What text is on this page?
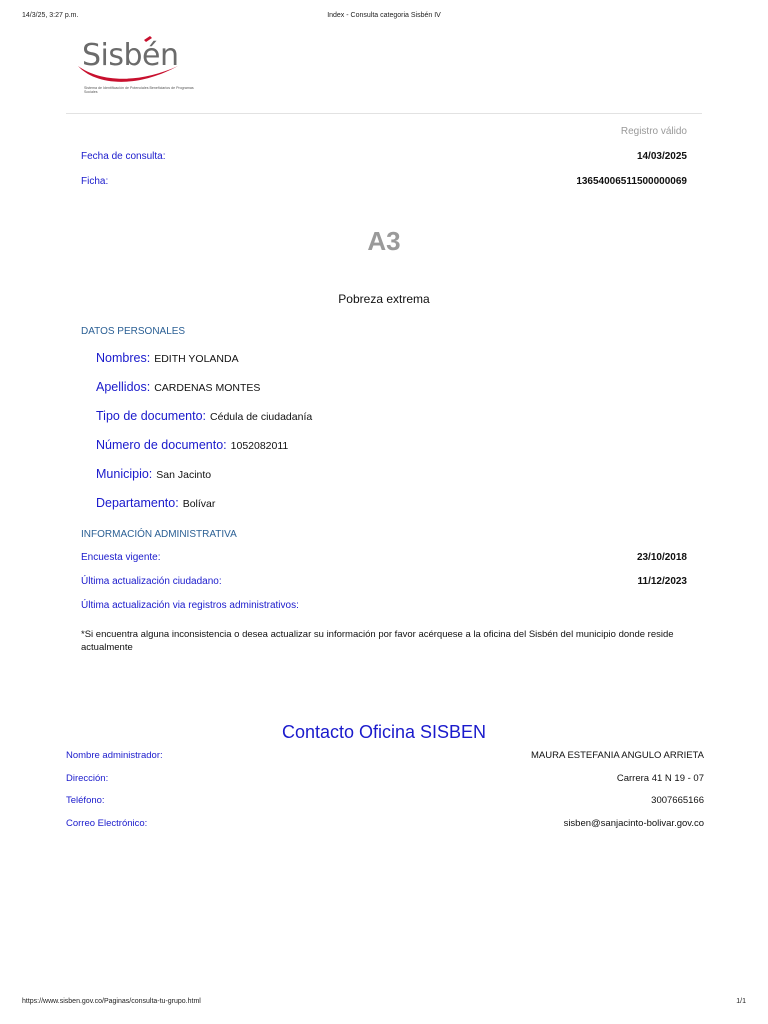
14/3/25, 3:27 p.m.	Index - Consulta categoria Sisbén IV
Sisbén
Sistema de Identificación de Potenciales Beneficiarios de Programas Sociales
Registro válido
Fecha de consulta:	14/03/2025
Ficha:	13654006511500000069
A3
Pobreza extrema
DATOS PERSONALES
Nombres: EDITH YOLANDA
Apellidos: CARDENAS MONTES
Tipo de documento: Cédula de ciudadanía
Número de documento: 1052082011
Municipio: San Jacinto
Departamento: Bolívar
INFORMACIÓN ADMINISTRATIVA
Encuesta vigente:	23/10/2018
Última actualización ciudadano:	11/12/2023
Última actualización via registros administrativos:
*Si encuentra alguna inconsistencia o desea actualizar su información por favor acérquese a la oficina del Sisbén del municipio donde reside actualmente
Contacto Oficina SISBEN
Nombre administrador:	MAURA ESTEFANIA ANGULO ARRIETA
Dirección:	Carrera 41 N 19 - 07
Teléfono:	3007665166
Correo Electrónico:	sisben@sanjacinto-bolivar.gov.co
https://www.sisben.gov.co/Paginas/consulta-tu-grupo.html	1/1
